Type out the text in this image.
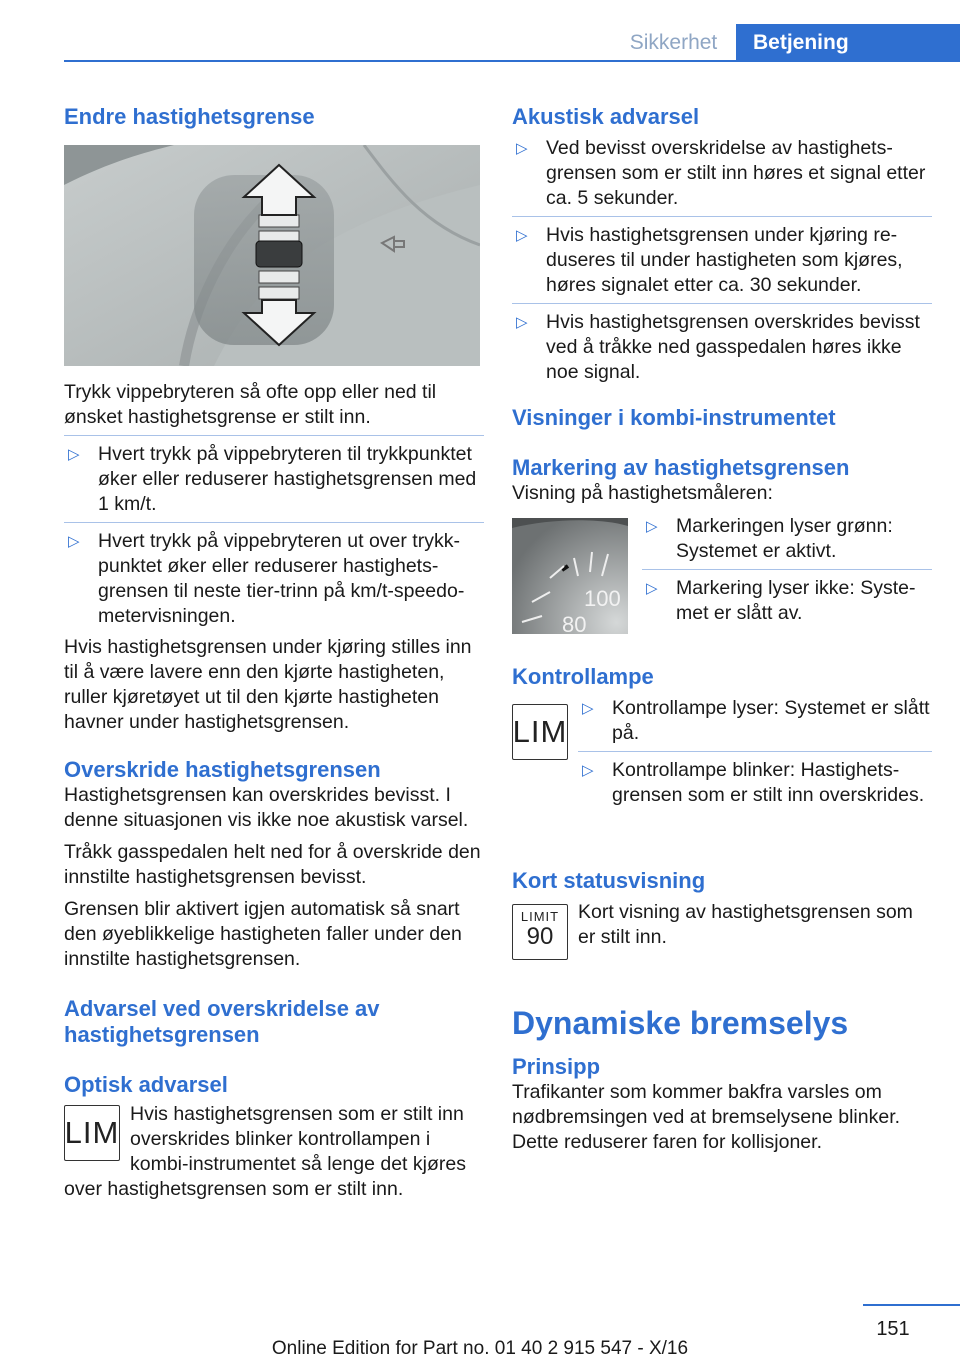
Sikkerhet	Betjening
Endre hastighetsgrense

Trykk vippebryteren så ofte opp eller ned til ønsket hastighetsgrense er stilt inn.

▷ Hvert trykk på vippebryteren til trykkpunktet øker eller reduserer hastighetsgrensen med 1 km/t.
▷ Hvert trykk på vippebryteren ut over trykkpunktet øker eller reduserer hastighetsgrensen til neste tier-trinn på km/t-speedometervisningen.

Hvis hastighetsgrensen under kjøring stilles inn til å være lavere enn den kjørte hastigheten, ruller kjøretøyet ut til den kjørte hastigheten havner under hastighetsgrensen.

Overskride hastighetsgrensen

Hastighetsgrensen kan overskrides bevisst. I denne situasjonen vis ikke noe akustisk varsel.

Tråkk gasspedalen helt ned for å overskride den innstilte hastighetsgrensen bevisst.

Grensen blir aktivert igjen automatisk så snart den øyeblikkelige hastigheten faller under den innstilte hastighetsgrensen.

Advarsel ved overskridelse av hastighetsgrensen
Optisk advarsel
LIM

Hvis hastighetsgrensen som er stilt inn overskrides blinker kontrollampen i kombi-instrumentet så lenge det kjøres over hastighetsgrensen som er stilt inn.

Akustisk advarsel
▷ Ved bevisst overskridelse av hastighetsgrensen som er stilt inn høres et signal etter ca. 5 sekunder.
▷ Hvis hastighetsgrensen under kjøring reduseres til under hastigheten som kjøres, høres signalet etter ca. 30 sekunder.
▷ Hvis hastighetsgrensen overskrides bevisst ved å tråkke ned gasspedalen høres ikke noe signal.
Visninger i kombi-instrumentet
Markering av hastighetsgrensen

Visning på hastighetsmåleren:

100
80
▷ Markeringen lyser grønn: Systemet er aktivt.
▷ Markering lyser ikke: Systemet er slått av.
Kontrollampe
LIM
▷ Kontrollampe lyser: Systemet er slått på.
▷ Kontrollampe blinker: Hastighetsgrensen som er stilt inn overskrides.
Kort statusvisning
LIMIT
90

Kort visning av hastighetsgrensen som er stilt inn.

Dynamiske bremselys
Prinsipp

Trafikanter som kommer bakfra varsles om nødbremsingen ved at bremselysene blinker. Dette reduserer faren for kollisjoner.

151
Online Edition for Part no. 01 40 2 915 547 - X/16
